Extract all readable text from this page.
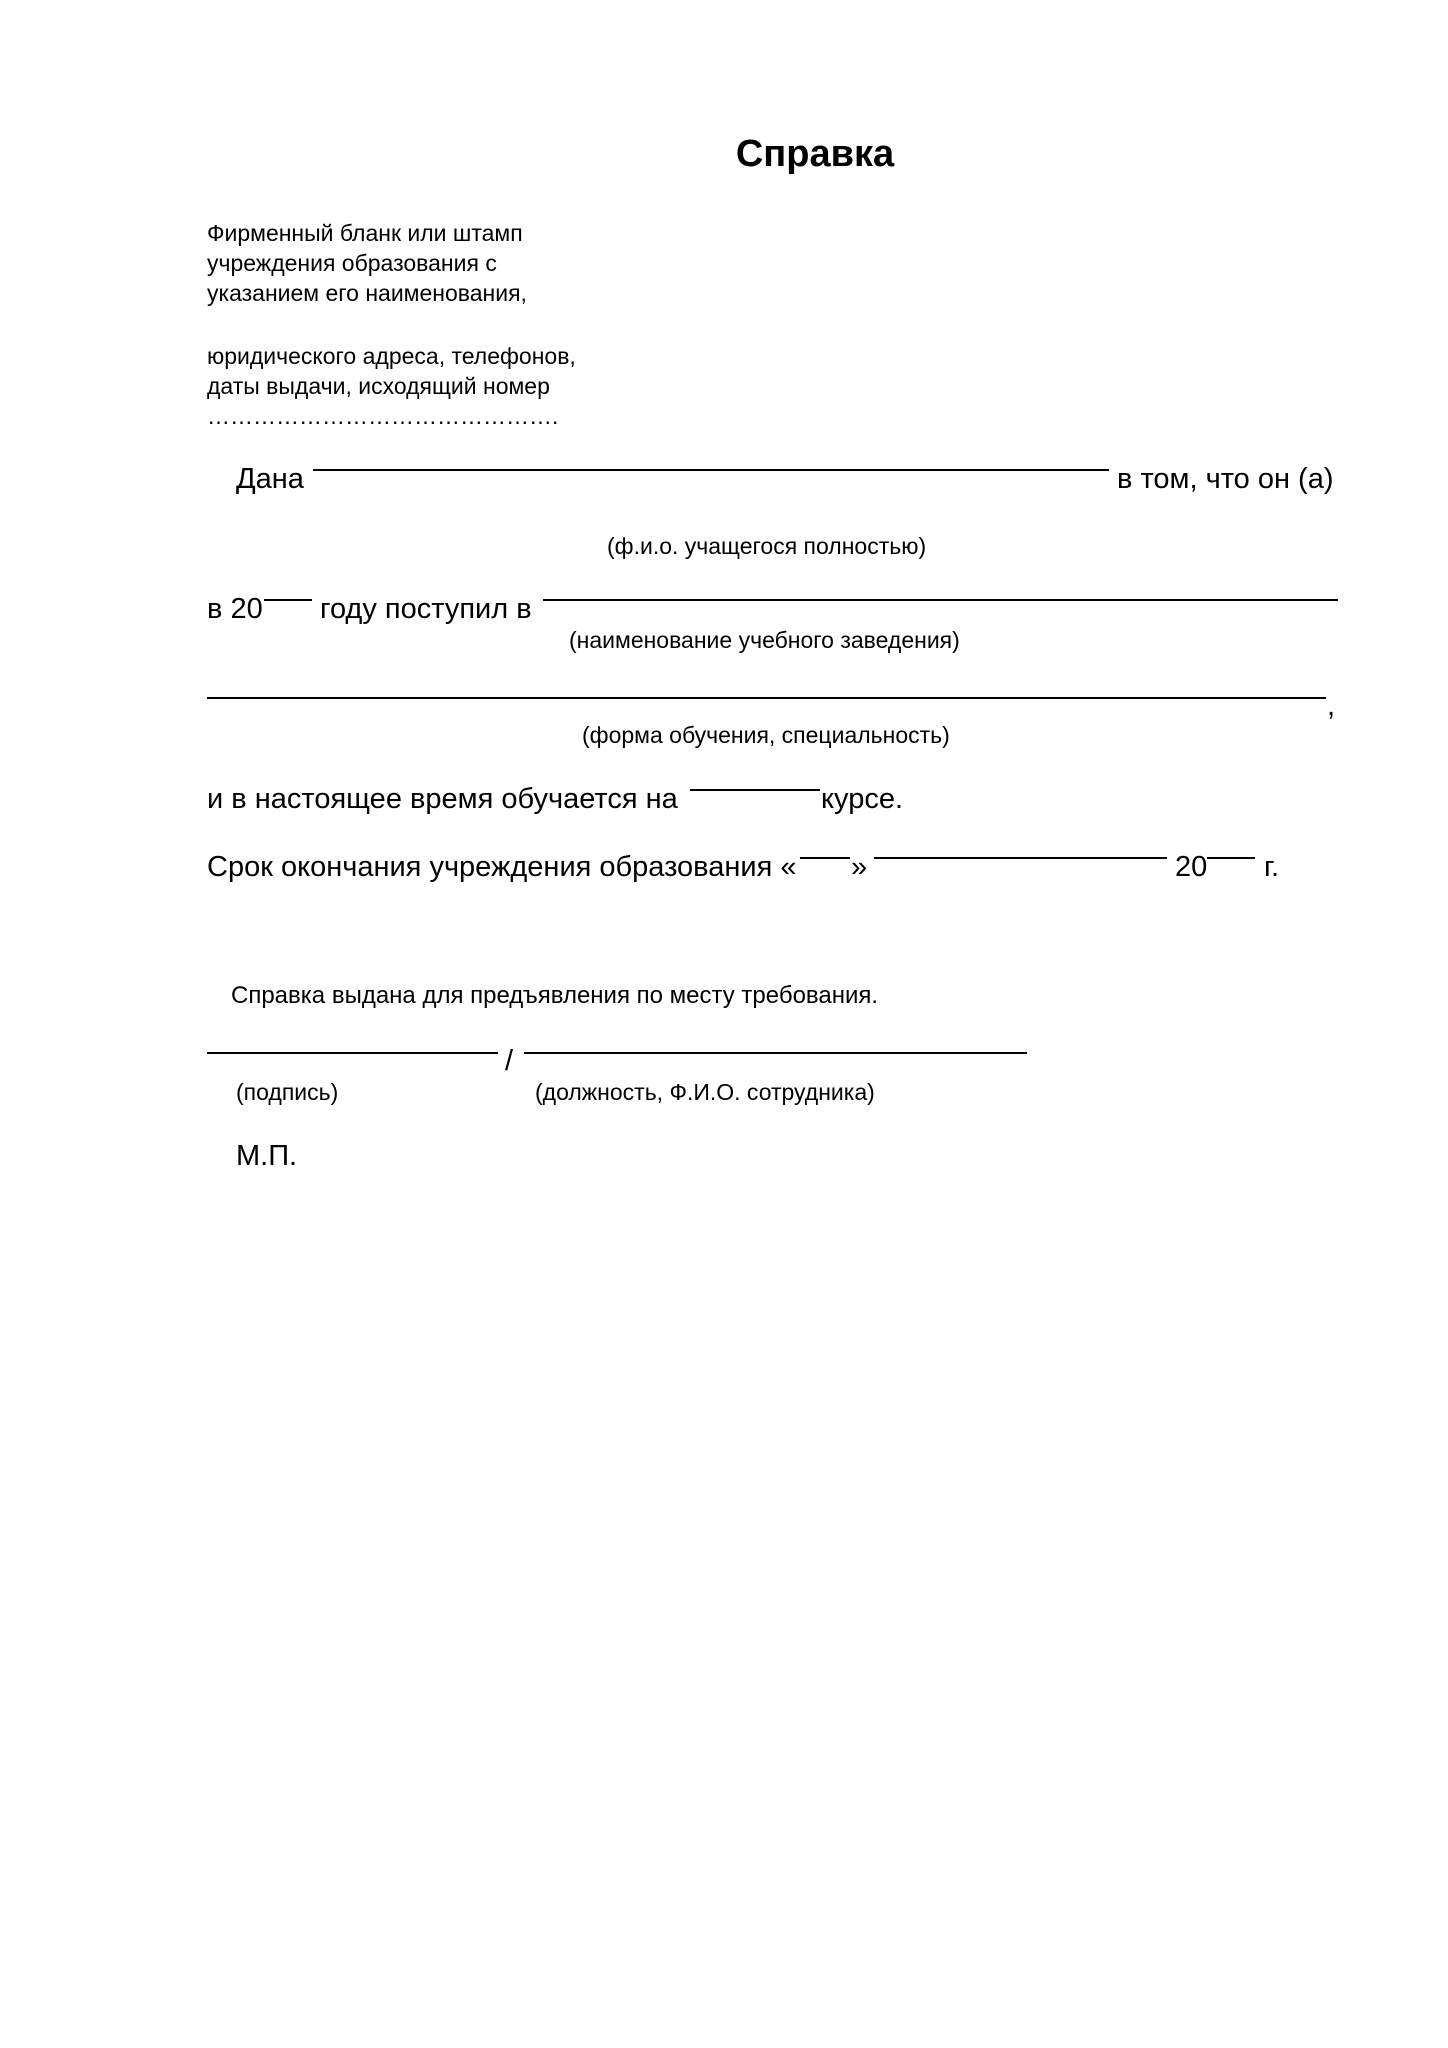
Справка
Фирменный бланк или штамп
учреждения образования с
указанием его наименования,
юридического адреса, телефонов,
даты выдачи, исходящий номер
……………………………………….
Дана	в том, что он (а)
(ф.и.о. учащегося полностью)
в 20 году поступил в
(наименование учебного заведения)
,
(форма обучения, специальность)
и в настоящее время обучается на	курсе.
Срок окончания учреждения образования « »	20 г.
Справка выдана для предъявления по месту требования.
/
(подпись)	(должность, Ф.И.О. сотрудника)
М.П.
